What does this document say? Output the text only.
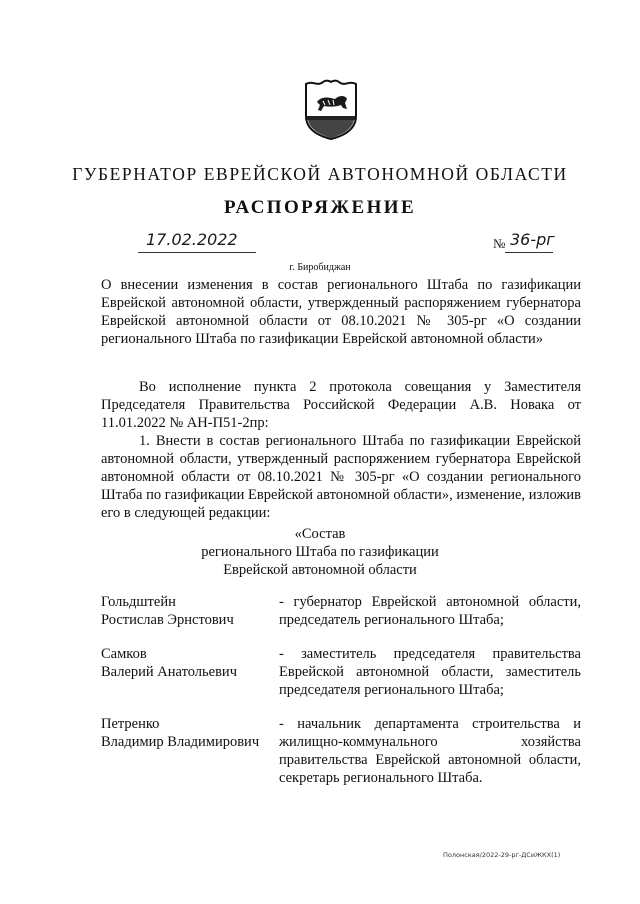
ГУБЕРНАТОР ЕВРЕЙСКОЙ АВТОНОМНОЙ ОБЛАСТИ
РАСПОРЯЖЕНИЕ
17.02.2022	№ 36-рг
г. Биробиджан
О внесении изменения в состав регионального Штаба по газификации Еврейской автономной области, утвержденный распоряжением губернатора Еврейской автономной области от 08.10.2021 № 305-рг «О создании регионального Штаба по газификации Еврейской автономной области»
Во исполнение пункта 2 протокола совещания у Заместителя Председателя Правительства Российской Федерации А.В. Новака от 11.01.2022 № АН-П51-2пр:
1. Внести в состав регионального Штаба по газификации Еврейской автономной области, утвержденный распоряжением губернатора Еврейской автономной области от 08.10.2021 № 305-рг «О создании регионального Штаба по газификации Еврейской автономной области», изменение, изложив его в следующей редакции:
«Состав
регионального Штаба по газификации
Еврейской автономной области
Гольдштейн
Ростислав Эрнстович
- губернатор Еврейской автономной области, председатель регионального Штаба;
Самков
Валерий Анатольевич
- заместитель председателя правительства Еврейской автономной области, заместитель председателя регионального Штаба;
Петренко
Владимир Владимирович
- начальник департамента строительства и жилищно-коммунального хозяйства правительства Еврейской автономной области, секретарь регионального Штаба.
Полонская/2022-29-рг-ДСиЖКХ(1)
